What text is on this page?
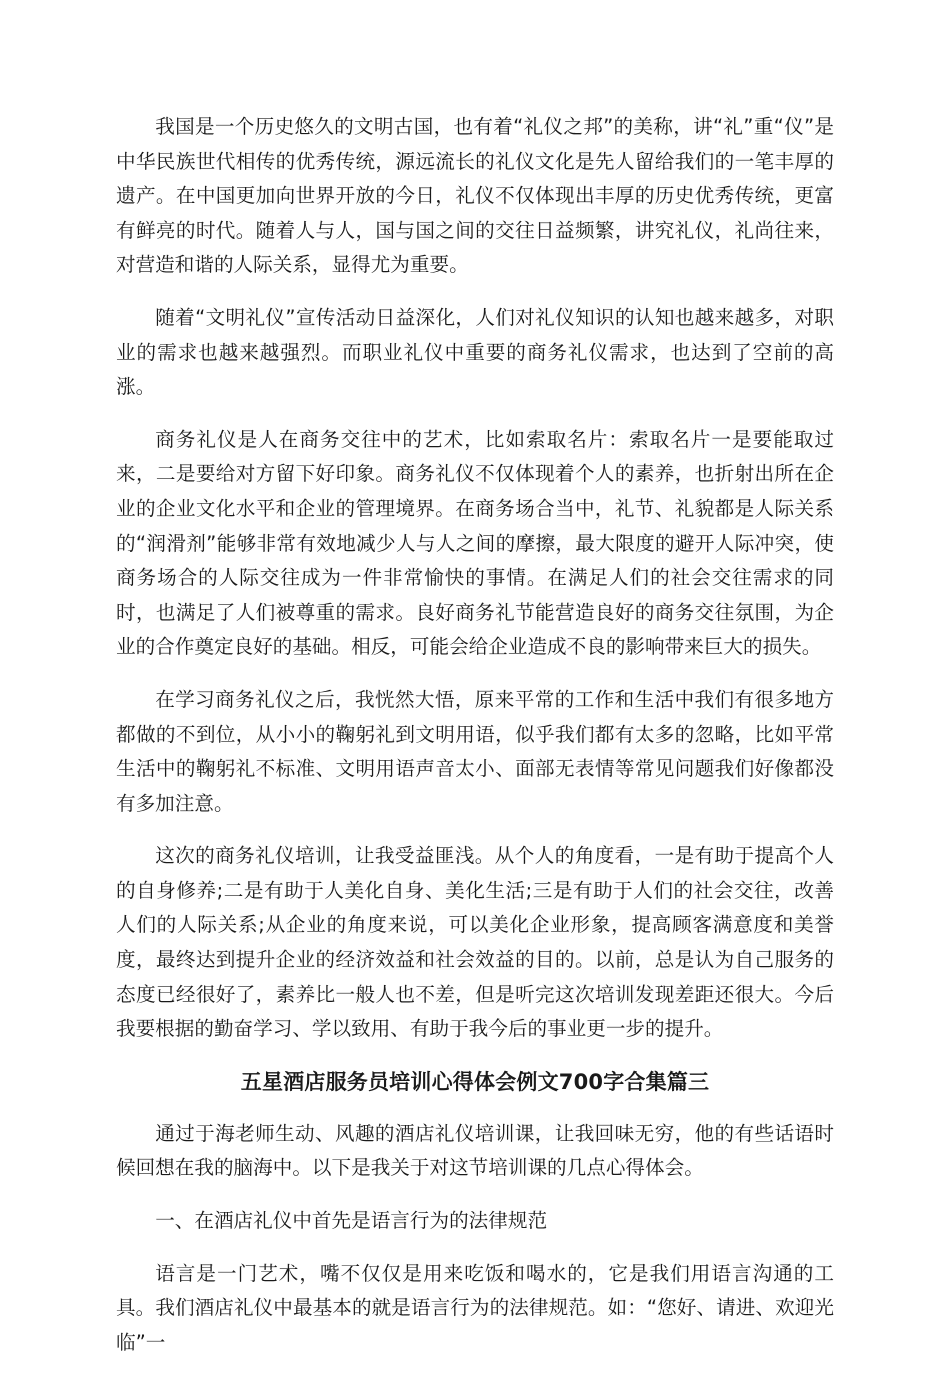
我国是一个历史悠久的文明古国，也有着“礼仪之邦”的美称，讲“礼”重“仪”是中华民族世代相传的优秀传统，源远流长的礼仪文化是先人留给我们的一笔丰厚的遗产。在中国更加向世界开放的今日，礼仪不仅体现出丰厚的历史优秀传统，更富有鲜亮的时代。随着人与人，国与国之间的交往日益频繁，讲究礼仪，礼尚往来，对营造和谐的人际关系，显得尤为重要。

随着“文明礼仪”宣传活动日益深化，人们对礼仪知识的认知也越来越多，对职业的需求也越来越强烈。而职业礼仪中重要的商务礼仪需求，也达到了空前的高涨。

商务礼仪是人在商务交往中的艺术，比如索取名片：索取名片一是要能取过来，二是要给对方留下好印象。商务礼仪不仅体现着个人的素养，也折射出所在企业的企业文化水平和企业的管理境界。在商务场合当中，礼节、礼貌都是人际关系的“润滑剂”能够非常有效地减少人与人之间的摩擦，最大限度的避开人际冲突，使商务场合的人际交往成为一件非常愉快的事情。在满足人们的社会交往需求的同时，也满足了人们被尊重的需求。良好商务礼节能营造良好的商务交往氛围，为企业的合作奠定良好的基础。相反，可能会给企业造成不良的影响带来巨大的损失。

在学习商务礼仪之后，我恍然大悟，原来平常的工作和生活中我们有很多地方都做的不到位，从小小的鞠躬礼到文明用语，似乎我们都有太多的忽略，比如平常生活中的鞠躬礼不标准、文明用语声音太小、面部无表情等常见问题我们好像都没有多加注意。

这次的商务礼仪培训，让我受益匪浅。从个人的角度看，一是有助于提高个人的自身修养;二是有助于人美化自身、美化生活;三是有助于人们的社会交往，改善人们的人际关系;从企业的角度来说，可以美化企业形象，提高顾客满意度和美誉度，最终达到提升企业的经济效益和社会效益的目的。以前，总是认为自己服务的态度已经很好了，素养比一般人也不差，但是听完这次培训发现差距还很大。今后我要根据的勤奋学习、学以致用、有助于我今后的事业更一步的提升。

五星酒店服务员培训心得体会例文700字合集篇三

通过于海老师生动、风趣的酒店礼仪培训课，让我回味无穷，他的有些话语时候回想在我的脑海中。以下是我关于对这节培训课的几点心得体会。

一、在酒店礼仪中首先是语言行为的法律规范

语言是一门艺术，嘴不仅仅是用来吃饭和喝水的，它是我们用语言沟通的工具。我们酒店礼仪中最基本的就是语言行为的法律规范。如：“您好、请进、欢迎光临”一
